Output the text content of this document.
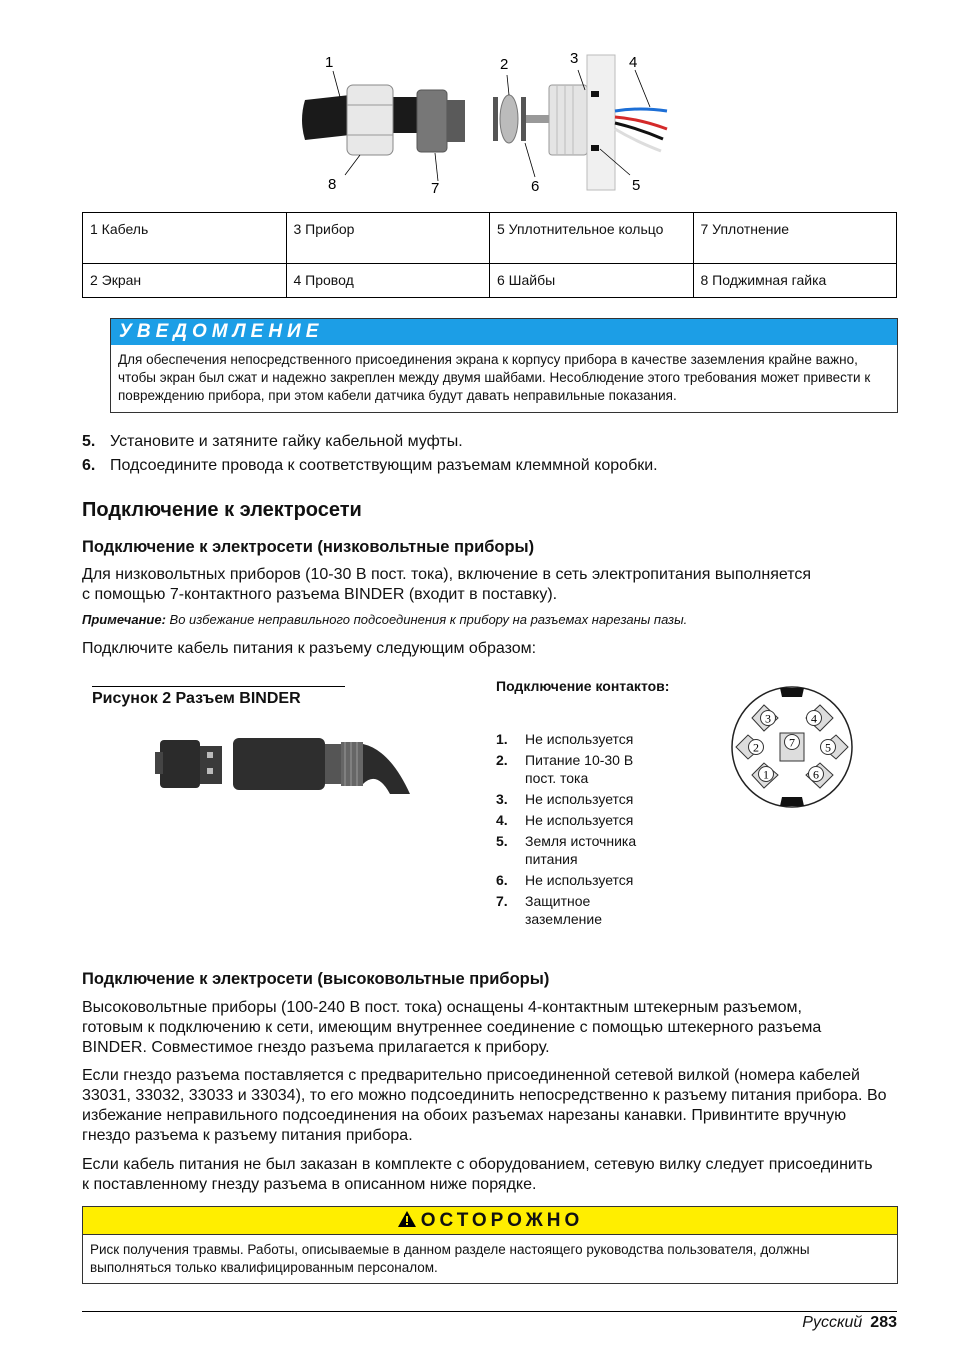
1	2	3	4
8	7	6	5
1 Кабель	3 Прибор	5 Уплотнительное кольцо	7 Уплотнение
2 Экран	4 Провод	6 Шайбы	8 Поджимная гайка
УВЕДОМЛЕНИЕ
Для обеспечения непосредственного присоединения экрана к корпусу прибора в качестве заземления крайне важно, чтобы экран был сжат и надежно закреплен между двумя шайбами. Несоблюдение этого требования может привести к повреждению прибора, при этом кабели датчика будут давать неправильные показания.
5. Установите и затяните гайку кабельной муфты.
6. Подсоедините провода к соответствующим разъемам клеммной коробки.
Подключение к электросети
Подключение к электросети (низковольтные приборы)

Для низковольтных приборов (10-30 В пост. тока), включение в сеть электропитания выполняется с помощью 7-контактного разъема BINDER (входит в поставку).

Примечание: Во избежание неправильного подсоединения к прибору на разъемах нарезаны пазы.

Подключите кабель питания к разъему следующим образом:

Рисунок 2 Разъем BINDER
Подключение контактов:
1.	Не используется
2.	Питание 10-30 В пост. тока
3.	Не используется
4.	Не используется
5.	Земля источника питания
6.	Не используется
7.	Защитное заземление
3	4
2	7	5
1	6
Подключение к электросети (высоковольтные приборы)

Высоковольтные приборы (100-240 В пост. тока) оснащены 4-контактным штекерным разъемом, готовым к подключению к сети, имеющим внутреннее соединение с помощью штекерного разъема BINDER. Совместимое гнездо разъема прилагается к прибору.

Если гнездо разъема поставляется с предварительно присоединенной сетевой вилкой (номера кабелей 33031, 33032, 33033 и 33034), то его можно подсоединить непосредственно к разъему питания прибора. Во избежание неправильного подсоединения на обоих разъемах нарезаны канавки. Привинтите вручную гнездо разъема к разъему питания прибора.

Если кабель питания не был заказан в комплекте с оборудованием, сетевую вилку следует присоединить к поставленному гнезду разъема в описанном ниже порядке.

ОСТОРОЖНО
Риск получения травмы. Работы, описываемые в данном разделе настоящего руководства пользователя, должны выполняться только квалифицированным персоналом.
Русский 283
